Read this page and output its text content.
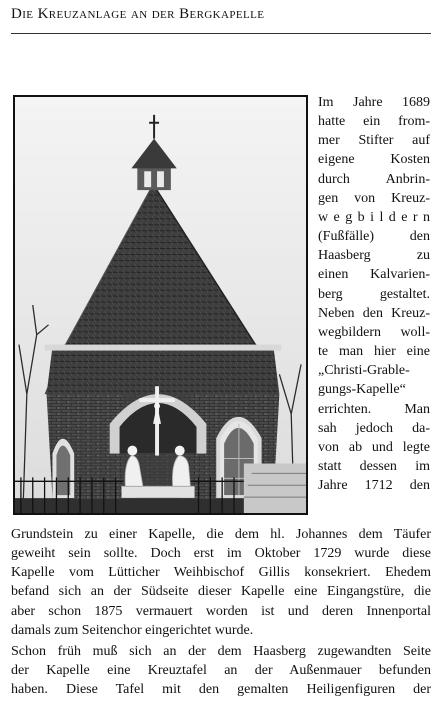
Die Kreuzanlage an der Bergkapelle
Im Jahre 1689
hatte ein from-
mer Stifter auf
eigene Kosten
durch Anbrin-
gen von Kreuz-
w e g b i l d e r n
(Fußfälle) den
Haasberg zu
einen Kalvarien-
berg gestaltet.
Neben den Kreuz-
wegbildern woll-
te man hier eine
„Christi-Grable-
gungs-Kapelle“
errichten. Man
sah jedoch da-
von ab und legte
statt dessen im
Jahre 1712 den
Grundstein zu einer Kapelle, die dem hl. Johannes dem Täufer
geweiht sein sollte. Doch erst im Oktober 1729 wurde diese
Kapelle vom Lütticher Weihbischof Gillis konsekriert. Ehedem
befand sich an der Südseite dieser Kapelle eine Eingangstüre, die
aber schon 1875 vermauert worden ist und deren Innenportal
damals zum Seitenchor eingerichtet wurde.
Schon früh muß sich an der dem Haasberg zugewandten Seite
der Kapelle eine Kreuztafel an der Außenmauer befunden
haben. Diese Tafel mit den gemalten Heiligenfiguren der
